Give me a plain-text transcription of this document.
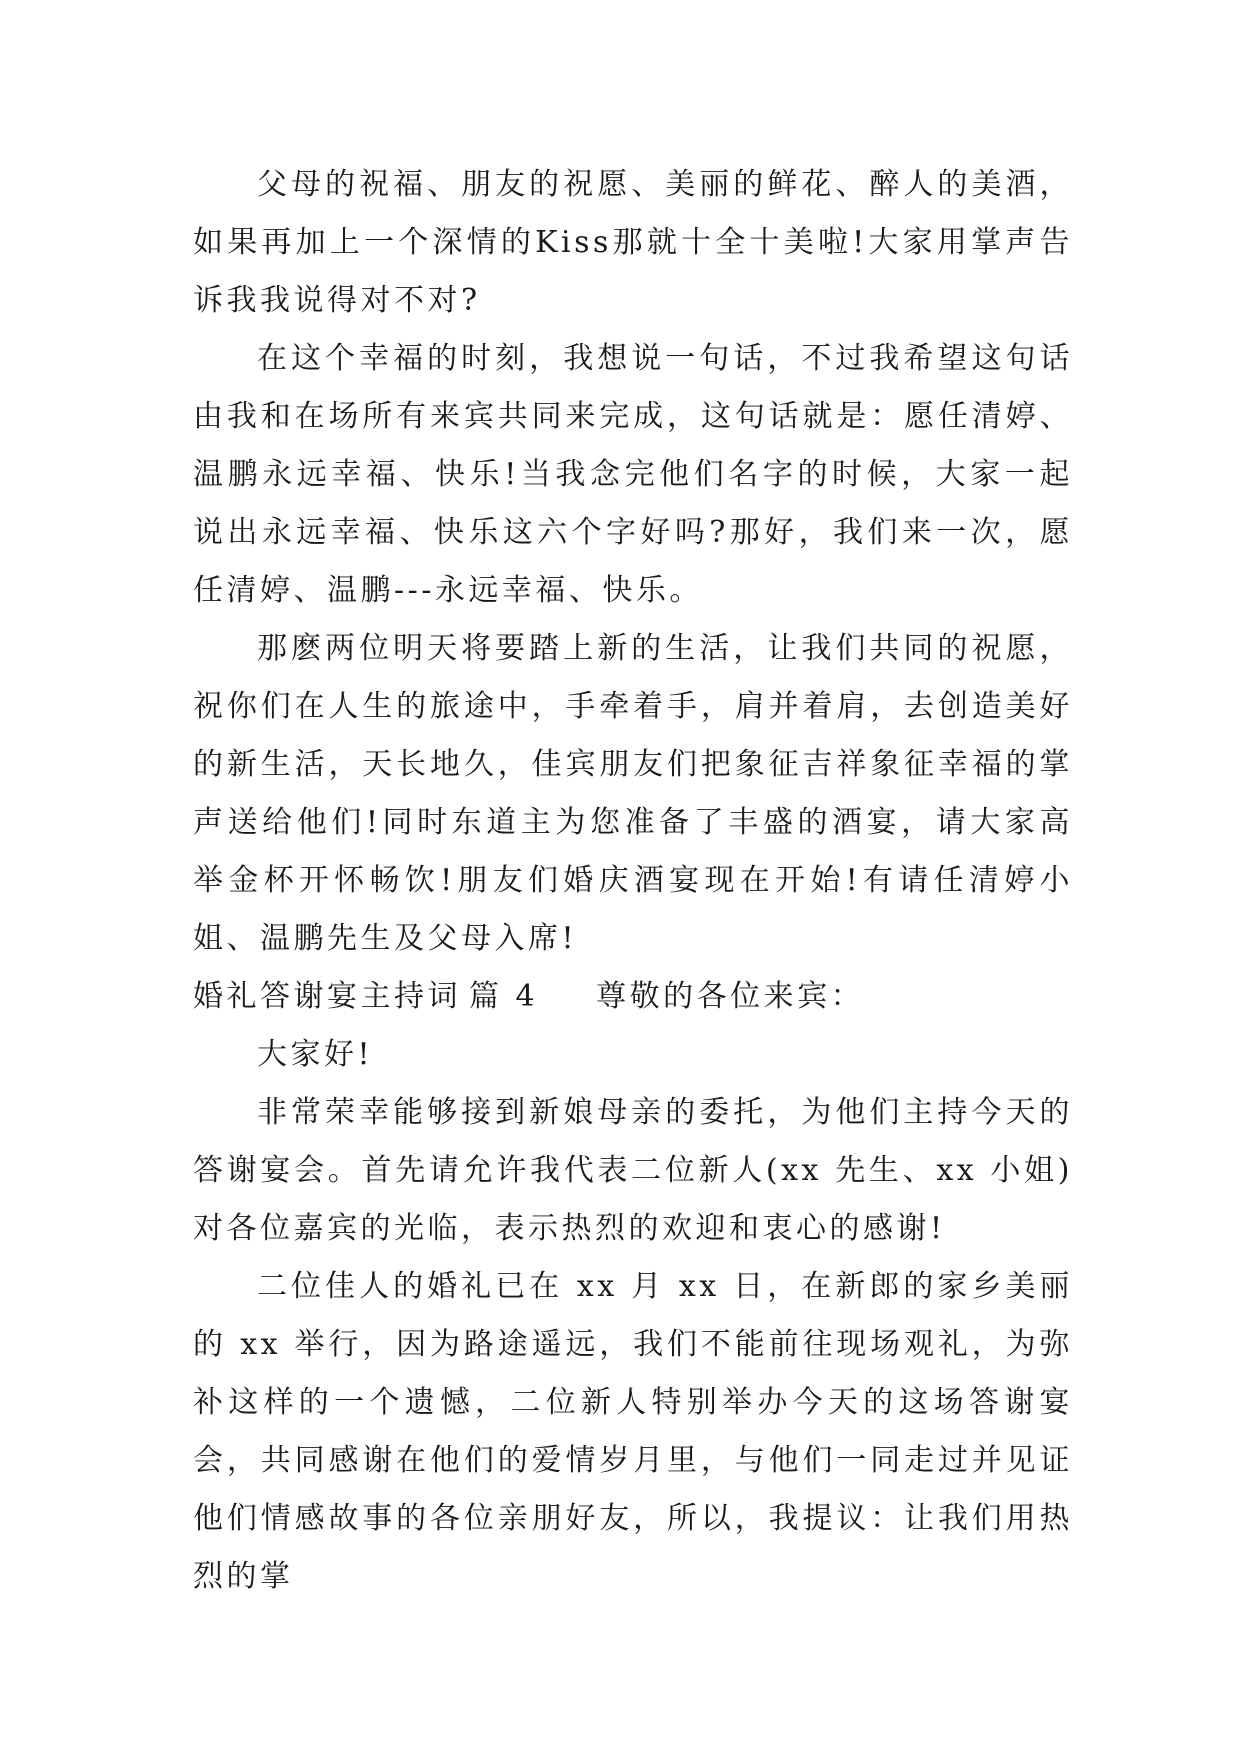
父母的祝福、朋友的祝愿、美丽的鲜花、醉人的美酒，如果再加上一个深情的Kiss那就十全十美啦!大家用掌声告诉我我说得对不对?

在这个幸福的时刻，我想说一句话，不过我希望这句话由我和在场所有来宾共同来完成，这句话就是：愿任清婷、温鹏永远幸福、快乐!当我念完他们名字的时候，大家一起说出永远幸福、快乐这六个字好吗?那好，我们来一次，愿任清婷、温鹏---永远幸福、快乐。

那麽两位明天将要踏上新的生活，让我们共同的祝愿，祝你们在人生的旅途中，手牵着手，肩并着肩，去创造美好的新生活，天长地久，佳宾朋友们把象征吉祥象征幸福的掌声送给他们!同时东道主为您准备了丰盛的酒宴，请大家高举金杯开怀畅饮!朋友们婚庆酒宴现在开始!有请任清婷小姐、温鹏先生及父母入席!

婚礼答谢宴主持词 篇 4 尊敬的各位来宾：

大家好!

非常荣幸能够接到新娘母亲的委托，为他们主持今天的答谢宴会。首先请允许我代表二位新人(xx 先生、xx 小姐)对各位嘉宾的光临，表示热烈的欢迎和衷心的感谢!

二位佳人的婚礼已在 xx 月 xx 日，在新郎的家乡美丽的 xx 举行，因为路途遥远，我们不能前往现场观礼，为弥补这样的一个遗憾，二位新人特别举办今天的这场答谢宴会，共同感谢在他们的爱情岁月里，与他们一同走过并见证他们情感故事的各位亲朋好友，所以，我提议：让我们用热烈的掌
